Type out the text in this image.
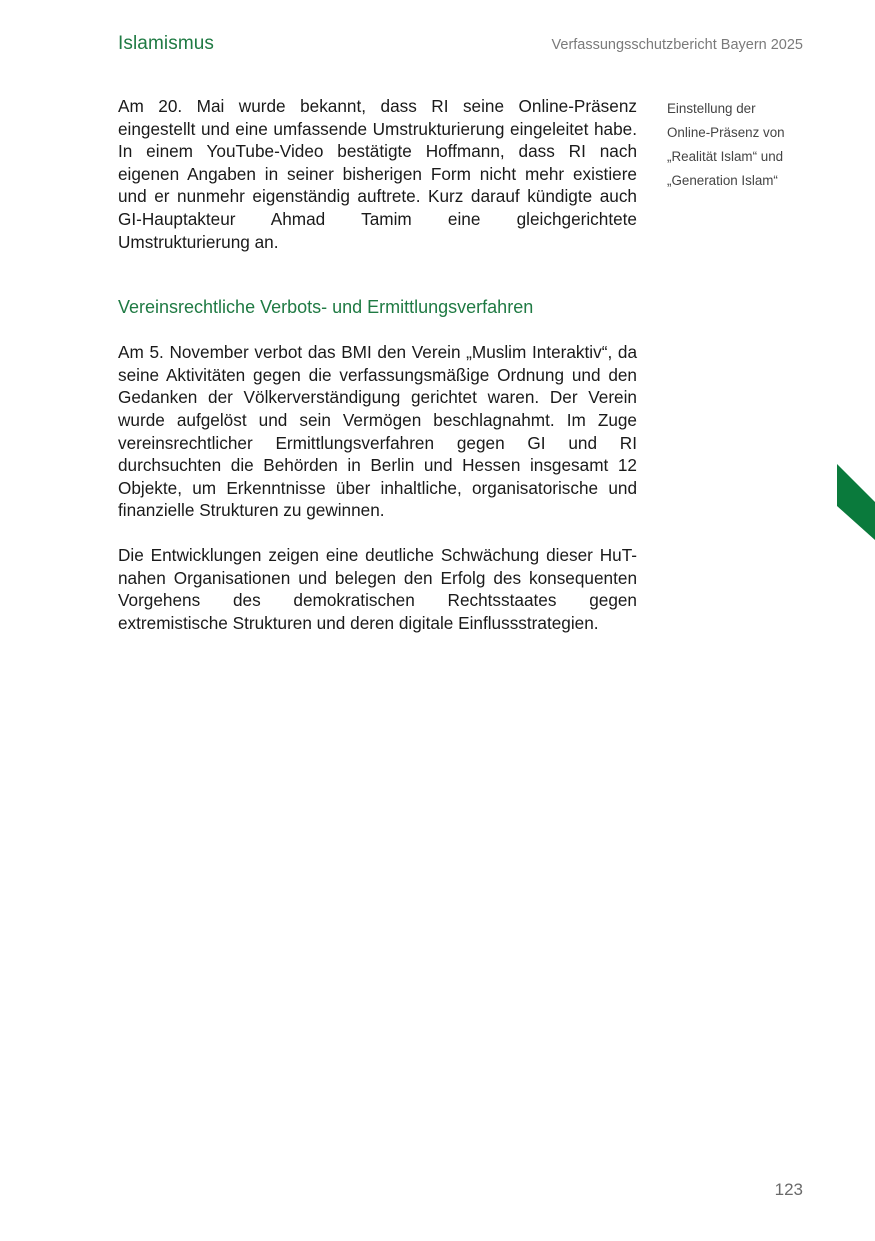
Islamismus	Verfassungsschutzbericht Bayern 2025

Am 20. Mai wurde bekannt, dass RI seine Online-Präsenz eingestellt und eine umfassende Umstrukturierung eingeleitet habe. In einem YouTube-Video bestätigte Hoffmann, dass RI nach eigenen Angaben in seiner bisherigen Form nicht mehr existiere und er nunmehr eigenständig auftrete. Kurz darauf kündigte auch GI-Hauptakteur Ahmad Tamim eine gleichgerichtete Umstrukturierung an.

Vereinsrechtliche Verbots- und Ermittlungsverfahren

Am 5. November verbot das BMI den Verein „Muslim Interaktiv“, da seine Aktivitäten gegen die verfassungsmäßige Ordnung und den Gedanken der Völkerverständigung gerichtet waren. Der Verein wurde aufgelöst und sein Vermögen beschlagnahmt. Im Zuge vereinsrechtlicher Ermittlungsverfahren gegen GI und RI durchsuchten die Behörden in Berlin und Hessen insgesamt 12 Objekte, um Erkenntnisse über inhaltliche, organisatorische und finanzielle Strukturen zu gewinnen.

Die Entwicklungen zeigen eine deutliche Schwächung dieser HuT-nahen Organisationen und belegen den Erfolg des konsequenten Vorgehens des demokratischen Rechtsstaates gegen extremistische Strukturen und deren digitale Einflussstrategien.

Einstellung der
Online-Präsenz von
„Realität Islam“ und
„Generation Islam“
123
